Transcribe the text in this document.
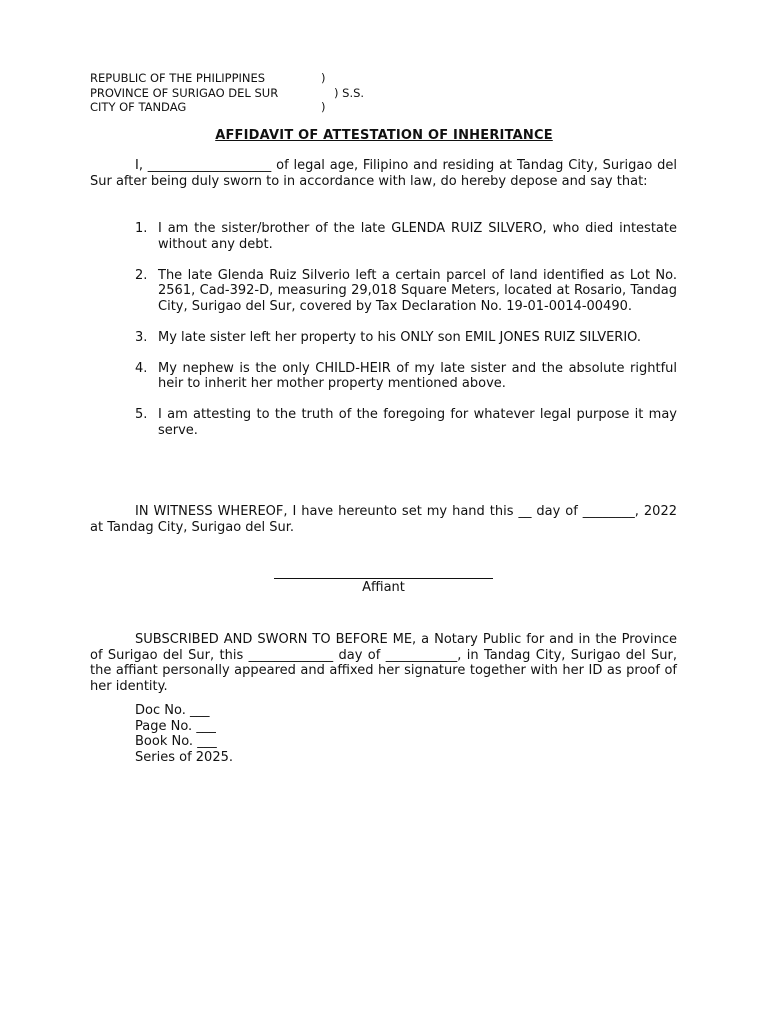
REPUBLIC OF THE PHILIPPINES	)
PROVINCE OF SURIGAO DEL SUR	) S.S.
CITY OF TANDAG	)
AFFIDAVIT OF ATTESTATION OF INHERITANCE
I, ___________________ of legal age, Filipino and residing at Tandag City, Surigao del Sur after being duly sworn to in accordance with law, do hereby depose and say that:
1. I am the sister/brother of the late GLENDA RUIZ SILVERO, who died intestate without any debt.
2. The late Glenda Ruiz Silverio left a certain parcel of land identified as Lot No. 2561, Cad-392-D, measuring 29,018 Square Meters, located at Rosario, Tandag City, Surigao del Sur, covered by Tax Declaration No. 19-01-0014-00490.
3. My late sister left her property to his ONLY son EMIL JONES RUIZ SILVERIO.
4. My nephew is the only CHILD-HEIR of my late sister and the absolute rightful heir to inherit her mother property mentioned above.
5. I am attesting to the truth of the foregoing for whatever legal purpose it may serve.
IN WITNESS WHEREOF, I have hereunto set my hand this __ day of ________, 2022 at Tandag City, Surigao del Sur.
Affiant
SUBSCRIBED AND SWORN TO BEFORE ME, a Notary Public for and in the Province of Surigao del Sur, this _____________ day of ___________, in Tandag City, Surigao del Sur, the affiant personally appeared and affixed her signature together with her ID as proof of her identity.
Doc No. ___
Page No. ___
Book No. ___
Series of 2025.
